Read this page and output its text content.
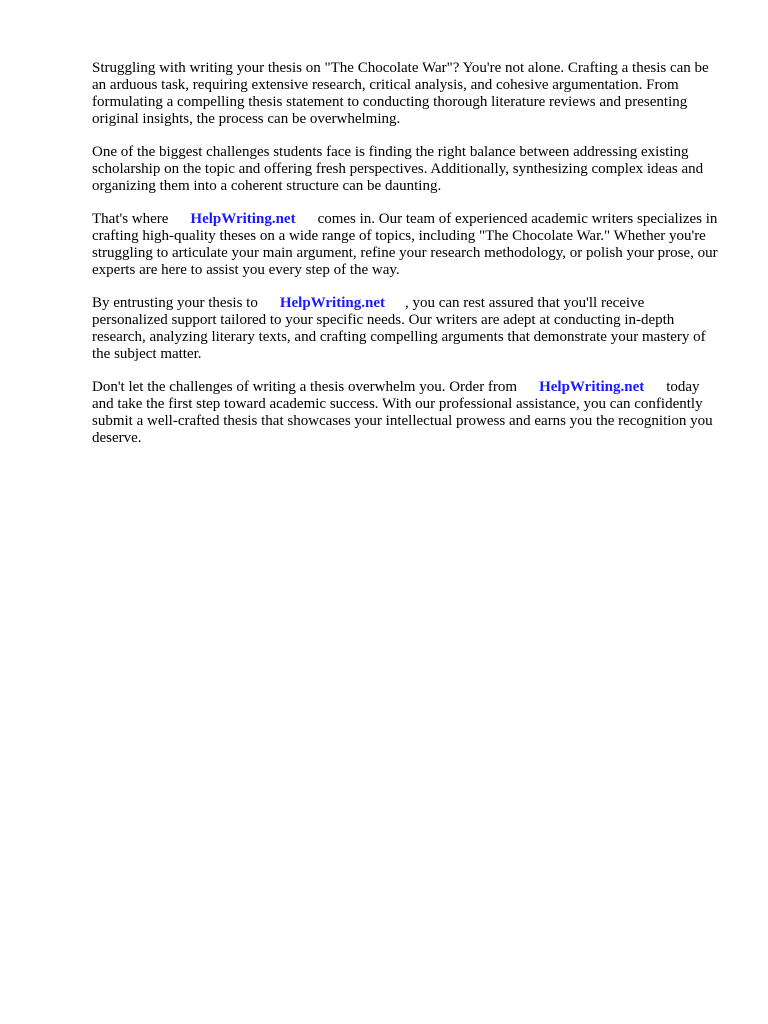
Struggling with writing your thesis on "The Chocolate War"? You're not alone. Crafting a thesis can be an arduous task, requiring extensive research, critical analysis, and cohesive argumentation. From formulating a compelling thesis statement to conducting thorough literature reviews and presenting original insights, the process can be overwhelming.

One of the biggest challenges students face is finding the right balance between addressing existing scholarship on the topic and offering fresh perspectives. Additionally, synthesizing complex ideas and organizing them into a coherent structure can be daunting.

That's where HelpWriting.net comes in. Our team of experienced academic writers specializes in crafting high-quality theses on a wide range of topics, including "The Chocolate War." Whether you're struggling to articulate your main argument, refine your research methodology, or polish your prose, our experts are here to assist you every step of the way.

By entrusting your thesis to HelpWriting.net , you can rest assured that you'll receive personalized support tailored to your specific needs. Our writers are adept at conducting in-depth research, analyzing literary texts, and crafting compelling arguments that demonstrate your mastery of the subject matter.

Don't let the challenges of writing a thesis overwhelm you. Order from HelpWriting.net today and take the first step toward academic success. With our professional assistance, you can confidently submit a well-crafted thesis that showcases your intellectual prowess and earns you the recognition you deserve.
